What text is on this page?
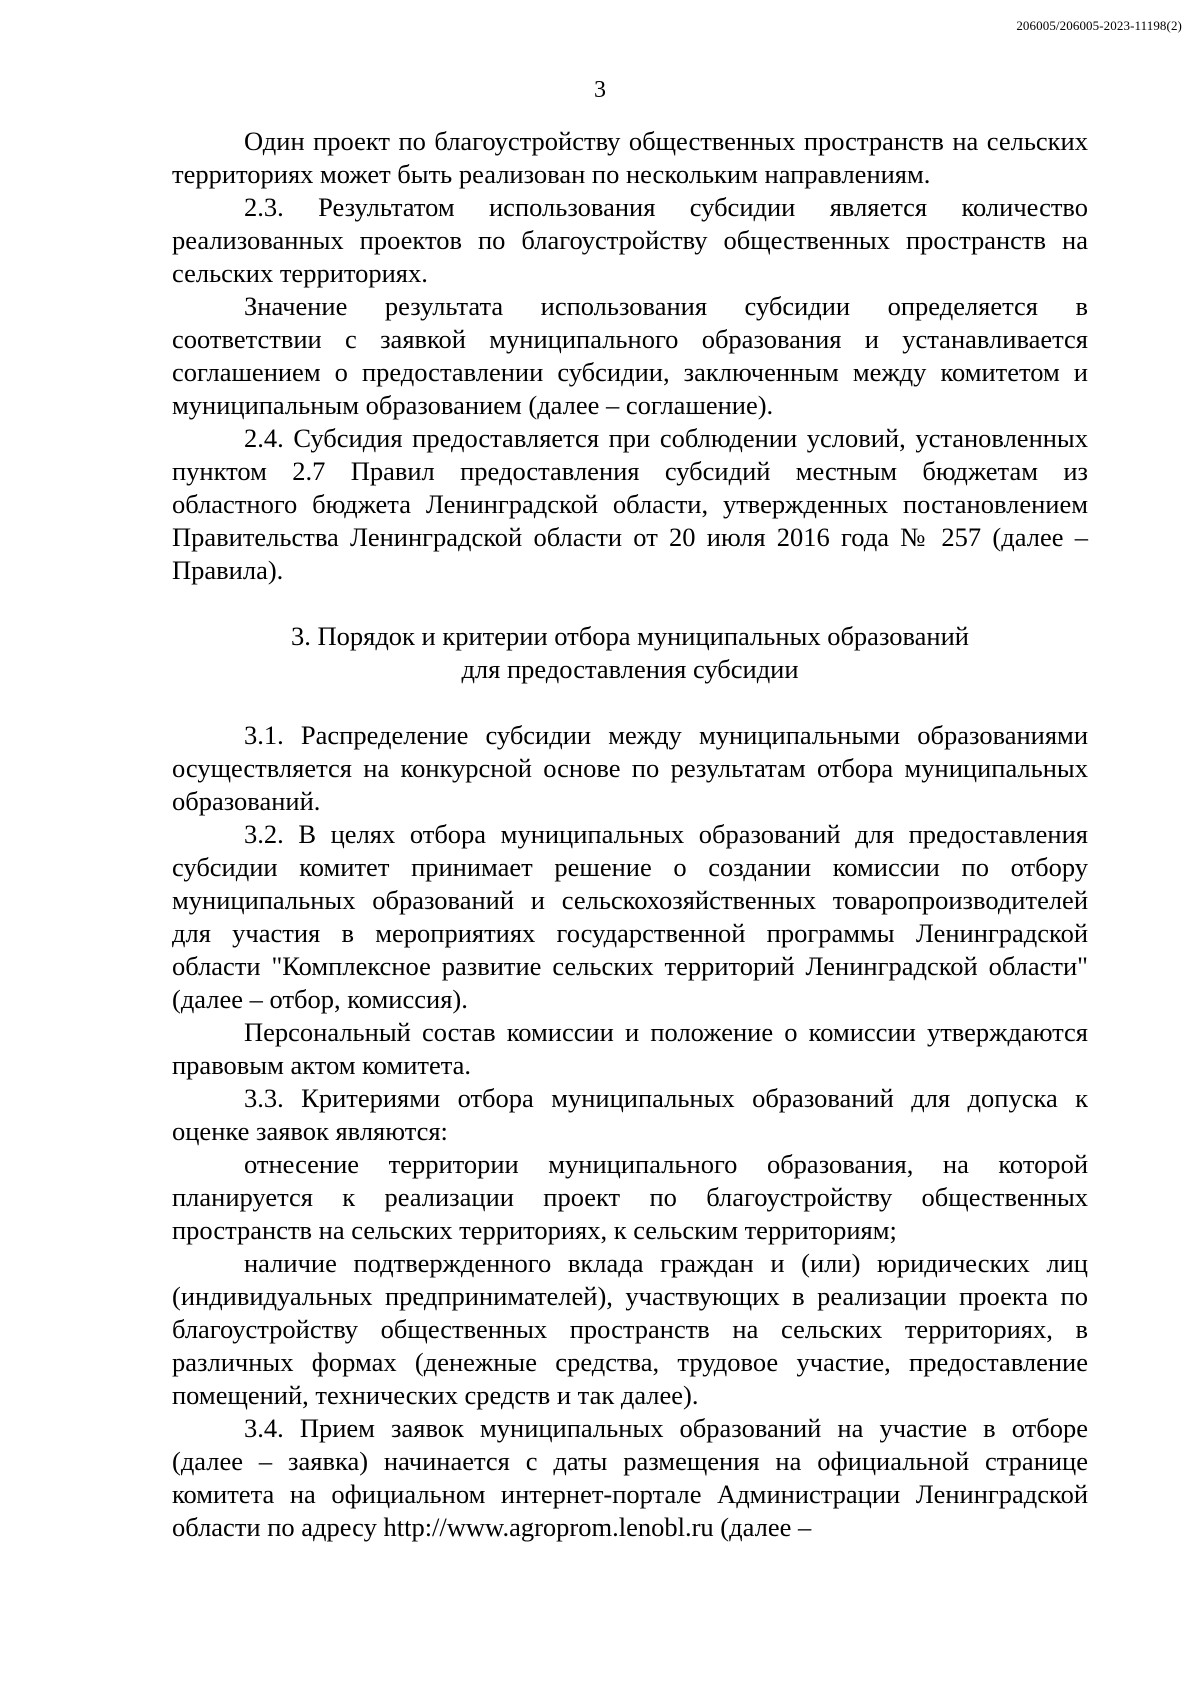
206005/206005-2023-11198(2)
3

Один проект по благоустройству общественных пространств на сельских территориях может быть реализован по нескольким направлениям.

2.3. Результатом использования субсидии является количество реализованных проектов по благоустройству общественных пространств на сельских территориях.

Значение результата использования субсидии определяется в соответствии с заявкой муниципального образования и устанавливается соглашением о предоставлении субсидии, заключенным между комитетом и муниципальным образованием (далее – соглашение).

2.4. Субсидия предоставляется при соблюдении условий, установленных пунктом 2.7 Правил предоставления субсидий местным бюджетам из областного бюджета Ленинградской области, утвержденных постановлением Правительства Ленинградской области от 20 июля 2016 года № 257 (далее – Правила).

3. Порядок и критерии отбора муниципальных образований
для предоставления субсидии

3.1. Распределение субсидии между муниципальными образованиями осуществляется на конкурсной основе по результатам отбора муниципальных образований.

3.2. В целях отбора муниципальных образований для предоставления субсидии комитет принимает решение о создании комиссии по отбору муниципальных образований и сельскохозяйственных товаропроизводителей для участия в мероприятиях государственной программы Ленинградской области "Комплексное развитие сельских территорий Ленинградской области" (далее – отбор, комиссия).

Персональный состав комиссии и положение о комиссии утверждаются правовым актом комитета.

3.3. Критериями отбора муниципальных образований для допуска к оценке заявок являются:

отнесение территории муниципального образования, на которой планируется к реализации проект по благоустройству общественных пространств на сельских территориях, к сельским территориям;

наличие подтвержденного вклада граждан и (или) юридических лиц (индивидуальных предпринимателей), участвующих в реализации проекта по благоустройству общественных пространств на сельских территориях, в различных формах (денежные средства, трудовое участие, предоставление помещений, технических средств и так далее).

3.4. Прием заявок муниципальных образований на участие в отборе (далее – заявка) начинается с даты размещения на официальной странице комитета на официальном интернет-портале Администрации Ленинградской области по адресу http://www.agroprom.lenobl.ru (далее –
